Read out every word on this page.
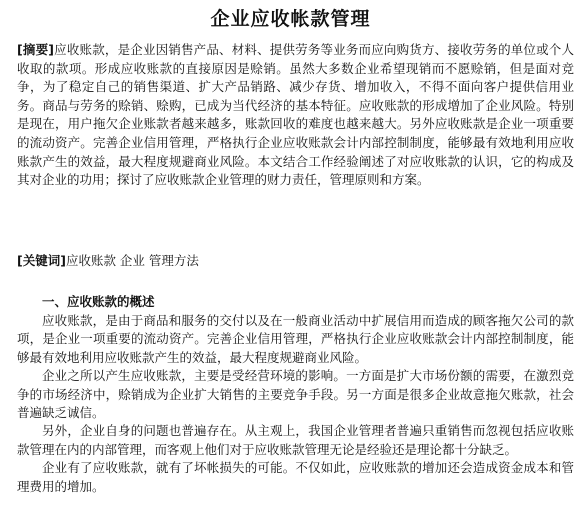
企业应收帐款管理
[摘要]应收账款，是企业因销售产品、材料、提供劳务等业务而应向购货方、接收劳务的单位或个人收取的款项。形成应收账款的直接原因是赊销。虽然大多数企业希望现销而不愿赊销，但是面对竞争，为了稳定自己的销售渠道、扩大产品销路、减少存货、增加收入，不得不面向客户提供信用业务。商品与劳务的赊销、赊购，已成为当代经济的基本特征。应收账款的形成增加了企业风险。特别是现在，用户拖欠企业账款者越来越多，账款回收的难度也越来越大。另外应收账款是企业一项重要的流动资产。完善企业信用管理，严格执行企业应收账款会计内部控制制度，能够最有效地利用应收账款产生的效益，最大程度规避商业风险。本文结合工作经验阐述了对应收账款的认识，它的构成及其对企业的功用；探讨了应收账款企业管理的财力责任，管理原则和方案。
[关键词]应收账款 企业 管理方法
一、应收账款的概述

应收账款，是由于商品和服务的交付以及在一般商业活动中扩展信用而造成的顾客拖欠公司的款项，是企业一项重要的流动资产。完善企业信用管理，严格执行企业应收账款会计内部控制制度，能够最有效地利用应收账款产生的效益，最大程度规避商业风险。

企业之所以产生应收账款，主要是受经营环境的影响。一方面是扩大市场份额的需要，在激烈竞争的市场经济中，赊销成为企业扩大销售的主要竞争手段。另一方面是很多企业故意拖欠账款，社会普遍缺乏诚信。

另外，企业自身的问题也普遍存在。从主观上，我国企业管理者普遍只重销售而忽视包括应收账款管理在内的内部管理，而客观上他们对于应收账款管理无论是经验还是理论都十分缺乏。

企业有了应收账款，就有了坏帐损失的可能。不仅如此，应收账款的增加还会造成资金成本和管理费用的增加。
